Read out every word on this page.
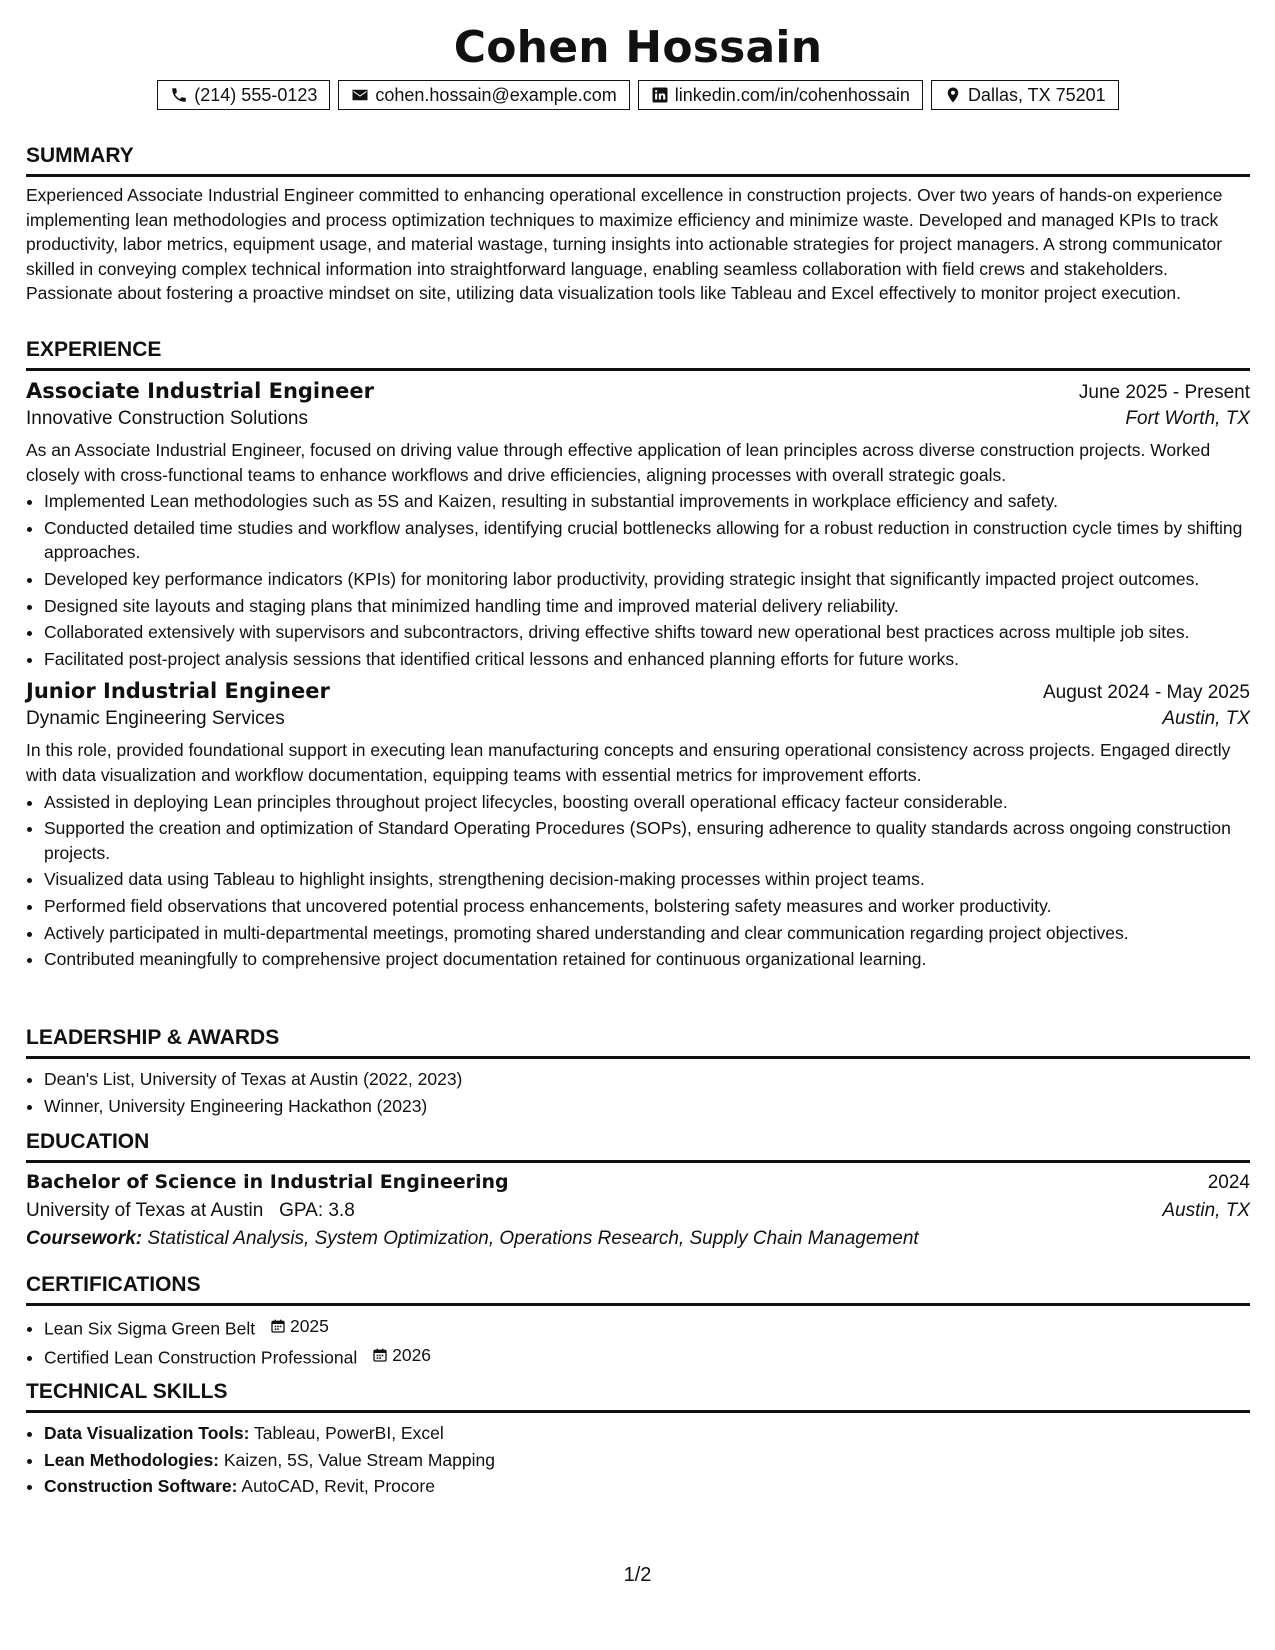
Cohen Hossain
(214) 555-0123	cohen.hossain@example.com	linkedin.com/in/cohenhossain	Dallas, TX 75201
SUMMARY

Experienced Associate Industrial Engineer committed to enhancing operational excellence in construction projects. Over two years of hands-on experience implementing lean methodologies and process optimization techniques to maximize efficiency and minimize waste. Developed and managed KPIs to track productivity, labor metrics, equipment usage, and material wastage, turning insights into actionable strategies for project managers. A strong communicator skilled in conveying complex technical information into straightforward language, enabling seamless collaboration with field crews and stakeholders. Passionate about fostering a proactive mindset on site, utilizing data visualization tools like Tableau and Excel effectively to monitor project execution.

EXPERIENCE
Associate Industrial Engineer	June 2025 - Present
Innovative Construction Solutions	Fort Worth, TX

As an Associate Industrial Engineer, focused on driving value through effective application of lean principles across diverse construction projects. Worked closely with cross-functional teams to enhance workflows and drive efficiencies, aligning processes with overall strategic goals.

• Implemented Lean methodologies such as 5S and Kaizen, resulting in substantial improvements in workplace efficiency and safety.
• Conducted detailed time studies and workflow analyses, identifying crucial bottlenecks allowing for a robust reduction in construction cycle times by shifting approaches.
• Developed key performance indicators (KPIs) for monitoring labor productivity, providing strategic insight that significantly impacted project outcomes.
• Designed site layouts and staging plans that minimized handling time and improved material delivery reliability.
• Collaborated extensively with supervisors and subcontractors, driving effective shifts toward new operational best practices across multiple job sites.
• Facilitated post-project analysis sessions that identified critical lessons and enhanced planning efforts for future works.
Junior Industrial Engineer	August 2024 - May 2025
Dynamic Engineering Services	Austin, TX

In this role, provided foundational support in executing lean manufacturing concepts and ensuring operational consistency across projects. Engaged directly with data visualization and workflow documentation, equipping teams with essential metrics for improvement efforts.

• Assisted in deploying Lean principles throughout project lifecycles, boosting overall operational efficacy facteur considerable.
• Supported the creation and optimization of Standard Operating Procedures (SOPs), ensuring adherence to quality standards across ongoing construction projects.
• Visualized data using Tableau to highlight insights, strengthening decision-making processes within project teams.
• Performed field observations that uncovered potential process enhancements, bolstering safety measures and worker productivity.
• Actively participated in multi-departmental meetings, promoting shared understanding and clear communication regarding project objectives.
• Contributed meaningfully to comprehensive project documentation retained for continuous organizational learning.
LEADERSHIP & AWARDS
• Dean's List, University of Texas at Austin (2022, 2023)
• Winner, University Engineering Hackathon (2023)
EDUCATION
Bachelor of Science in Industrial Engineering	2024
University of Texas at Austin GPA: 3.8	Austin, TX
Coursework: Statistical Analysis, System Optimization, Operations Research, Supply Chain Management
CERTIFICATIONS
• Lean Six Sigma Green Belt 2025
• Certified Lean Construction Professional 2026
TECHNICAL SKILLS
• Data Visualization Tools: Tableau, PowerBI, Excel
• Lean Methodologies: Kaizen, 5S, Value Stream Mapping
• Construction Software: AutoCAD, Revit, Procore
1/2
